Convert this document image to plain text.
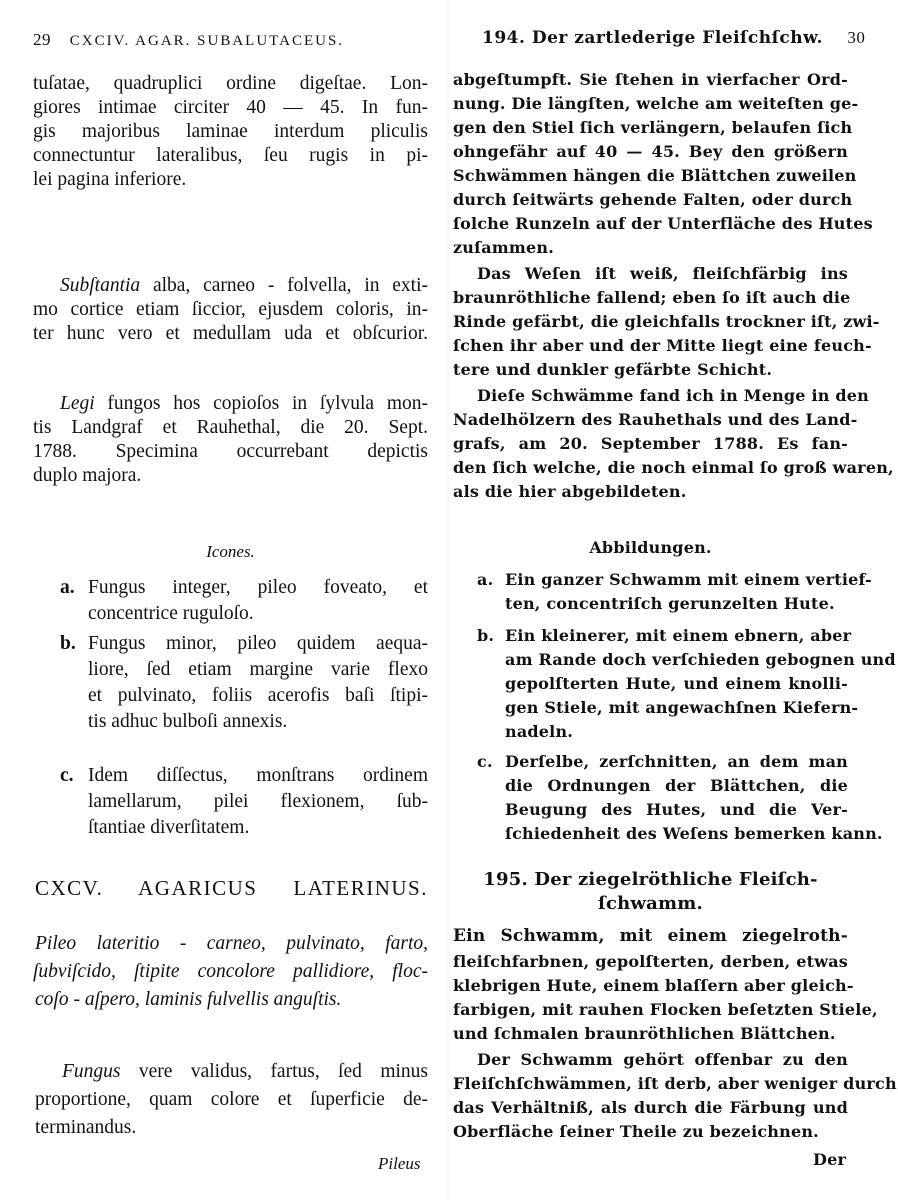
29 CXCIV. AGAR. SUBALUTACEUS.
tuſatae, quadruplici ordine digeſtae. Lon-
giores intimae circiter 40 — 45. In fun-
gis majoribus laminae interdum pliculis
connectuntur lateralibus, ſeu rugis in pi-
lei pagina inferiore.
Subſtantia alba, carneo - folvella, in exti-
mo cortice etiam ſiccior, ejusdem coloris, in-
ter hunc vero et medullam uda et obſcurior.
Legi fungos hos copioſos in ſylvula mon-
tis Landgraf et Rauhethal, die 20. Sept.
1788. Specimina occurrebant depictis
duplo majora.
Icones.
a. Fungus integer, pileo foveato, et
concentrice ruguloſo.
b. Fungus minor, pileo quidem aequa-
liore, ſed etiam margine varie flexo
et pulvinato, foliis acerofis baſi ſtipi-
tis adhuc bulboſi annexis.
c. Idem diſſectus, monſtrans ordinem
lamellarum, pilei flexionem, ſub-
ſtantiae diverſitatem.
CXCV. AGARICUS LATERINUS.
Pileo lateritio - carneo, pulvinato, farto,
ſubviſcido, ſtipite concolore pallidiore, floc-
coſo - aſpero, laminis fulvellis anguſtis.
Fungus vere validus, fartus, ſed minus
proportione, quam colore et ſuperficie de-
terminandus.
Pileus
194. Der zartlederige Fleiſchſchw. 30
abgeſtumpft. Sie ſtehen in vierfacher Ord-
nung. Die längſten, welche am weiteſten ge-
gen den Stiel ſich verlängern, belaufen ſich
ohngefähr auf 40 — 45. Bey den größern
Schwämmen hängen die Blättchen zuweilen
durch ſeitwärts gehende Falten, oder durch
ſolche Runzeln auf der Unterfläche des Hutes
zuſammen.
Das Weſen iſt weiß, fleiſchfärbig ins
braunröthliche fallend; eben ſo iſt auch die
Rinde gefärbt, die gleichfalls trockner iſt, zwi-
ſchen ihr aber und der Mitte liegt eine feuch-
tere und dunkler gefärbte Schicht.
Dieſe Schwämme fand ich in Menge in den
Nadelhölzern des Rauhethals und des Land-
grafs, am 20. September 1788. Es fan-
den ſich welche, die noch einmal ſo groß waren,
als die hier abgebildeten.
Abbildungen.
a. Ein ganzer Schwamm mit einem vertief-
ten, concentriſch gerunzelten Hute.
b. Ein kleinerer, mit einem ebnern, aber
am Rande doch verſchieden gebognen und
gepolſterten Hute, und einem knolli-
gen Stiele, mit angewachſnen Kiefern-
nadeln.
c. Derſelbe, zerſchnitten, an dem man
die Ordnungen der Blättchen, die
Beugung des Hutes, und die Ver-
ſchiedenheit des Weſens bemerken kann.
195. Der ziegelröthliche Fleiſch-
ſchwamm.
Ein Schwamm, mit einem ziegelroth-
fleiſchfarbnen, gepolſterten, derben, etwas
klebrigen Hute, einem blaſſern aber gleich-
farbigen, mit rauhen Flocken beſetzten Stiele,
und ſchmalen braunröthlichen Blättchen.
Der Schwamm gehört offenbar zu den
Fleiſchſchwämmen, iſt derb, aber weniger durch
das Verhältniß, als durch die Färbung und
Oberfläche ſeiner Theile zu bezeichnen.
Der
